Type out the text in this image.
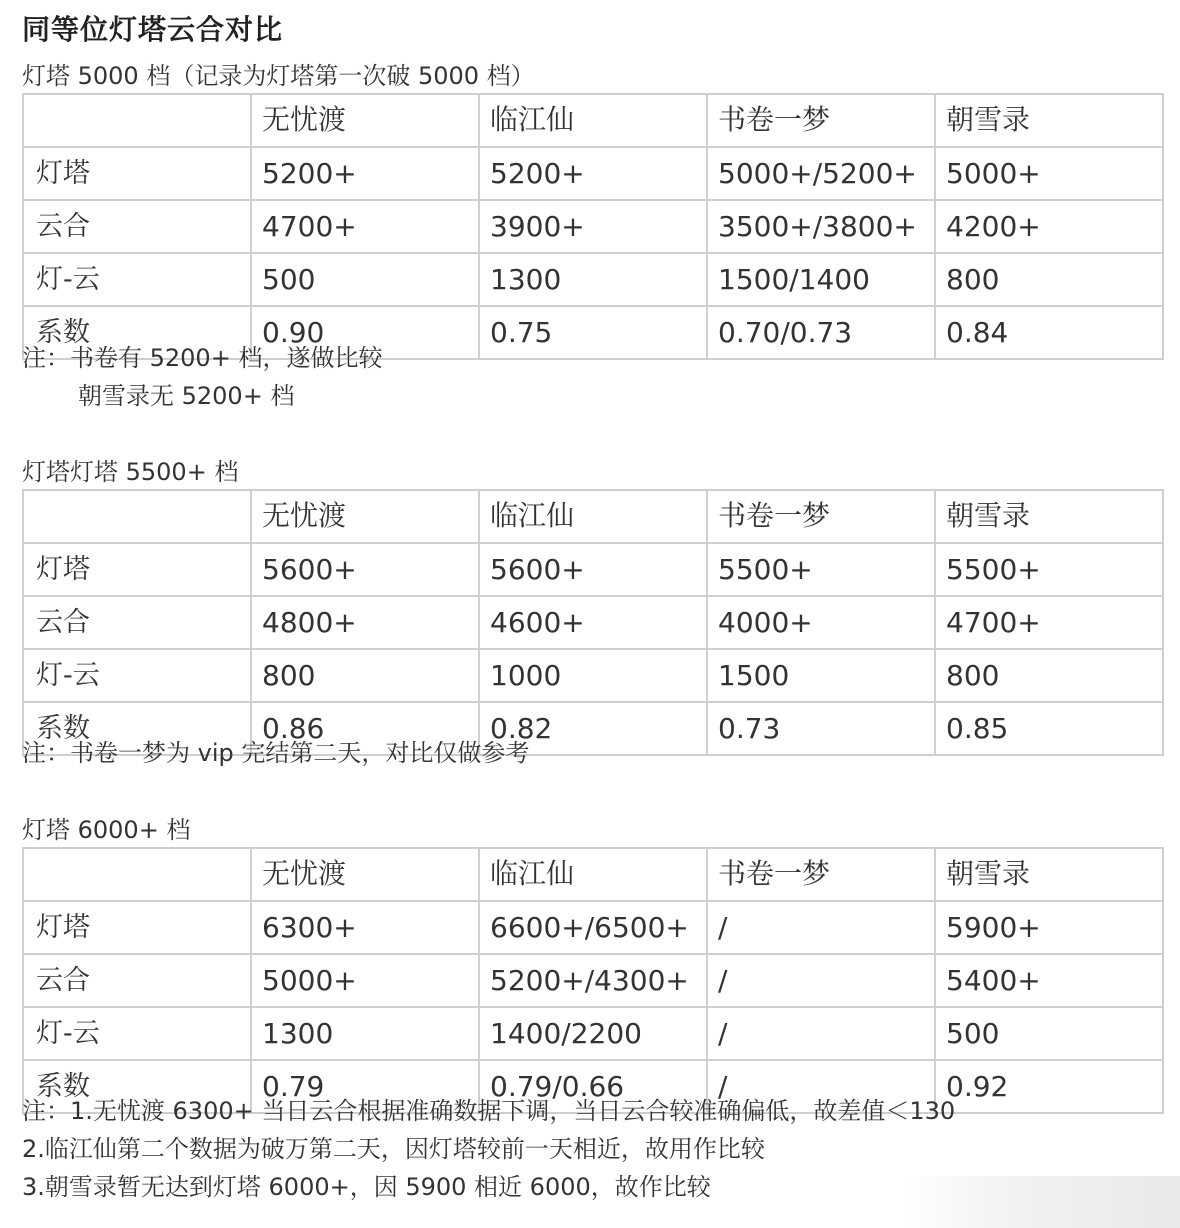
同等位灯塔云合对比

灯塔 5000 档（记录为灯塔第一次破 5000 档）

	无忧渡	临江仙	书卷一梦	朝雪录
灯塔	5200+	5200+	5000+/5200+	5000+
云合	4700+	3900+	3500+/3800+	4200+
灯-云	500	1300	1500/1400	800
系数	0.90	0.75	0.70/0.73	0.84

注：书卷有 5200+ 档，遂做比较

朝雪录无 5200+ 档

灯塔灯塔 5500+ 档

	无忧渡	临江仙	书卷一梦	朝雪录
灯塔	5600+	5600+	5500+	5500+
云合	4800+	4600+	4000+	4700+
灯-云	800	1000	1500	800
系数	0.86	0.82	0.73	0.85

注：书卷一梦为 vip 完结第二天，对比仅做参考

灯塔 6000+ 档

	无忧渡	临江仙	书卷一梦	朝雪录
灯塔	6300+	6600+/6500+	/	5900+
云合	5000+	5200+/4300+	/	5400+
灯-云	1300	1400/2200	/	500
系数	0.79	0.79/0.66	/	0.92

注：1.无忧渡 6300+ 当日云合根据准确数据下调，当日云合较准确偏低，故差值＜130

2.临江仙第二个数据为破万第二天，因灯塔较前一天相近，故用作比较

3.朝雪录暂无达到灯塔 6000+，因 5900 相近 6000，故作比较
